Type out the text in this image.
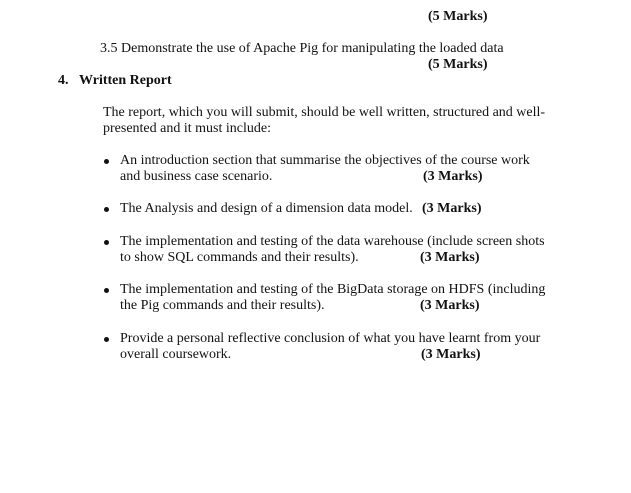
(5 Marks)
3.5 Demonstrate the use of Apache Pig for manipulating the loaded data
(5 Marks)
4. Written Report
The report, which you will submit, should be well written, structured and well-
presented and it must include:
An introduction section that summarise the objectives of the course work
and business case scenario.	(3 Marks)
The Analysis and design of a dimension data model. (3 Marks)
The implementation and testing of the data warehouse (include screen shots
to show SQL commands and their results).	(3 Marks)
The implementation and testing of the BigData storage on HDFS (including
the Pig commands and their results).	(3 Marks)
Provide a personal reflective conclusion of what you have learnt from your
overall coursework.	(3 Marks)
